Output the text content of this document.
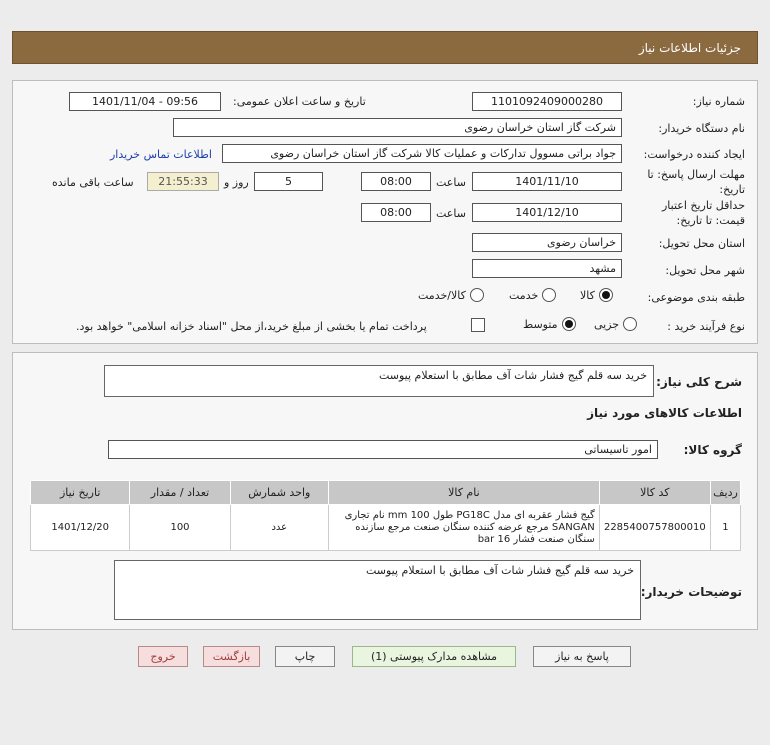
جزئیات اطلاعات نیاز
شماره نیاز:
1101092409000280
تاریخ و ساعت اعلان عمومی:
1401/11/04 - 09:56
نام دستگاه خریدار:
شرکت گاز استان خراسان رضوی
ایجاد کننده درخواست:
جواد براتی مسوول تدارکات و عملیات کالا شرکت گاز استان خراسان رضوی
اطلاعات تماس خریدار
مهلت ارسال پاسخ: تا
تاریخ:
1401/11/10
ساعت
08:00
5
روز و
21:55:33
ساعت باقی مانده
حداقل تاریخ اعتبار
قیمت: تا تاریخ:
1401/12/10
ساعت
08:00
استان محل تحویل:
خراسان رضوی
شهر محل تحویل:
مشهد
طبقه بندی موضوعی:
کالا
خدمت
کالا/خدمت
نوع فرآیند خرید :
جزیی
متوسط
پرداخت تمام یا بخشی از مبلغ خرید،از محل "اسناد خزانه اسلامی" خواهد بود.
شرح کلی نیاز:
خرید سه قلم گیج فشار شات آف مطابق با استعلام پیوست
اطلاعات کالاهای مورد نیاز
گروه کالا:
امور تاسیساتی
ردیف	کد کالا	نام کالا	واحد شمارش	تعداد / مقدار	تاریخ نیاز
1	2285400757800010	گیج فشار عقربه ای مدل PG18C طول mm 100 نام تجاری SANGAN مرجع عرضه کننده سنگان صنعت مرجع سازنده سنگان صنعت فشار bar 16	عدد	100	1401/12/20
توضیحات خریدار:
خرید سه قلم گیج فشار شات آف مطابق با استعلام پیوست
پاسخ به نیاز
مشاهده مدارک پیوستی (1)
چاپ
بازگشت
خروج
